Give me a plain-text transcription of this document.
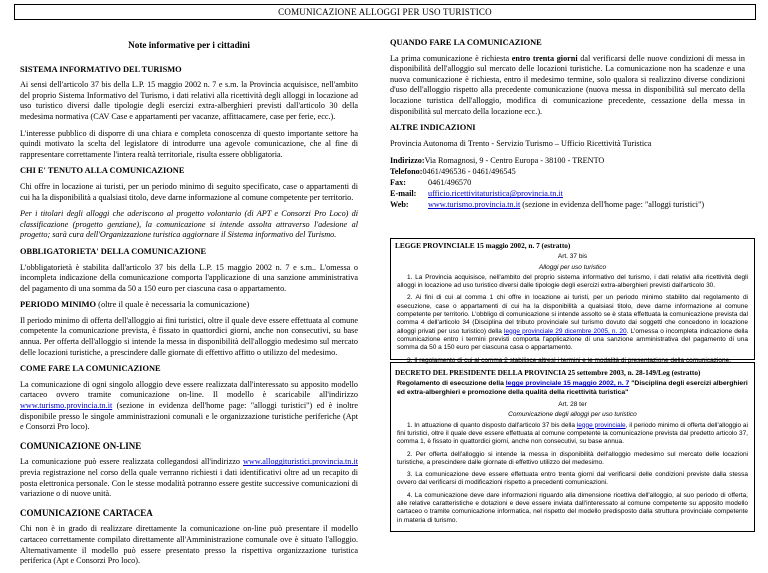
COMUNICAZIONE ALLOGGI PER USO TURISTICO
Note informative per i cittadini
SISTEMA INFORMATIVO DEL TURISMO

Ai sensi dell'articolo 37 bis della L.P. 15 maggio 2002 n. 7 e s.m. la Provincia acquisisce, nell'ambito del proprio Sistema Informativo del Turismo, i dati relativi alla ricettività degli alloggi in locazione ad uso turistico diversi dalle tipologie degli esercizi extra-alberghieri previsti dall'articolo 30 della medesima normativa (CAV Case e appartamenti per vacanze, affittacamere, case per ferie, ecc.).

L'interesse pubblico di disporre di una chiara e completa conoscenza di questo importante settore ha quindi motivato la scelta del legislatore di introdurre una agevole comunicazione, che al fine di rappresentare correttamente l'intera realtà territoriale, risulta essere obbligatoria.

CHI E' TENUTO ALLA COMUNICAZIONE

Chi offre in locazione ai turisti, per un periodo minimo di seguito specificato, case o appartamenti di cui ha la disponibilità a qualsiasi titolo, deve darne informazione al comune competente per territorio.

Per i titolari degli alloggi che aderiscono al progetto volontario (di APT e Consorzi Pro Loco) di classificazione (progetto genziane), la comunicazione si intende assolta attraverso l'adesione al progetto; sarà cura dell'Organizzazione turistica aggiornare il Sistema informativo del Turismo.

OBBLIGATORIETA' DELLA COMUNICAZIONE

L'obbligatorietà è stabilita dall'articolo 37 bis della L.P. 15 maggio 2002 n. 7 e s.m.. L'omessa o incompleta indicazione della comunicazione comporta l'applicazione di una sanzione amministrativa del pagamento di una somma da 50 a 150 euro per ciascuna casa o appartamento.

PERIODO MINIMO (oltre il quale è necessaria la comunicazione)

Il periodo minimo di offerta dell'alloggio ai fini turistici, oltre il quale deve essere effettuata al comune competente la comunicazione prevista, è fissato in quattordici giorni, anche non consecutivi, su base annua. Per offerta dell'alloggio si intende la messa in disponibilità dell'alloggio medesimo sul mercato delle locazioni turistiche, a prescindere dalle giornate di effettivo affitto o utilizzo del medesimo.

COME FARE LA COMUNICAZIONE

La comunicazione di ogni singolo alloggio deve essere realizzata dall'interessato su apposito modello cartaceo ovvero tramite comunicazione on-line. Il modello è scaricabile all'indirizzo www.turismo.provincia.tn.it (sezione in evidenza dell'home page: "alloggi turistici") ed è inoltre disponibile presso le singole amministrazioni comunali e le organizzazione turistiche periferiche (Apt e Consorzi Pro loco).

COMUNICAZIONE ON-LINE

La comunicazione può essere realizzata collegandosi all'indirizzo www.alloggituristici.provincia.tn.it previa registrazione nel corso della quale verranno richiesti i dati identificativi oltre ad un recapito di posta elettronica personale. Con le stesse modalità potranno essere gestite successive comunicazioni di variazione o di nuove unità.

COMUNICAZIONE CARTACEA

Chi non è in grado di realizzare direttamente la comunicazione on-line può presentare il modello cartaceo correttamente compilato direttamente all'Amministrazione comunale ove è situato l'alloggio. Alternativamente il modello può essere presentato presso la rispettiva organizzazione turistica periferica (Apt e Consorzi Pro loco).

QUANDO FARE LA COMUNICAZIONE

La prima comunicazione è richiesta entro trenta giorni dal verificarsi delle nuove condizioni di messa in disponibilità dell'alloggio sul mercato delle locazioni turistiche. La comunicazione non ha scadenze e una nuova comunicazione è richiesta, entro il medesimo termine, solo qualora si realizzino diverse condizioni d'uso dell'alloggio rispetto alla precedente comunicazione (nuova messa in disponibilità sul mercato della locazione turistica dell'alloggio, modifica di comunicazione precedente, cessazione della messa in disponibilità sul mercato della locazione ecc.).

ALTRE INDICAZIONI

Provincia Autonoma di Trento - Servizio Turismo – Ufficio Ricettività Turistica

Indirizzo: Via Romagnosi, 9 - Centro Europa - 38100 - TRENTO
Telefono: 0461/496536 - 0461/496545
Fax:	0461/496570
E-mail:	ufficio.ricettivitaturistica@provincia.tn.it
Web:	www.turismo.provincia.tn.it (sezione in evidenza dell'home page: "alloggi turistici")
LEGGE PROVINCIALE 15 maggio 2002, n. 7 (estratto)
Art. 37 bis
Alloggi per uso turistico

1. La Provincia acquisisce, nell'ambito del proprio sistema informativo del turismo, i dati relativi alla ricettività degli alloggi in locazione ad uso turistico diversi dalle tipologie degli esercizi extra-alberghieri previsti dall'articolo 30.

2. Ai fini di cui al comma 1 chi offre in locazione ai turisti, per un periodo minimo stabilito dal regolamento di esecuzione, case o appartamenti di cui ha la disponibilità a qualsiasi titolo, deve darne informazione al comune competente per territorio. L'obbligo di comunicazione si intende assolto se è stata effettuata la comunicazione prevista dal comma 4 dell'articolo 34 (Disciplina del tributo provinciale sul turismo dovuto dai soggetti che concedono in locazione alloggi privati per uso turistico) della legge provinciale 29 dicembre 2005, n. 20. L'omessa o incompleta indicazione della comunicazione entro i termini previsti comporta l'applicazione di una sanzione amministrativa del pagamento di una somma da 50 a 150 euro per ciascuna casa o appartamento.

3. Il regolamento di cui al comma 2 stabilisce altresì i termini e le modalità di presentazione della comunicazione.

DECRETO DEL PRESIDENTE DELLA PROVINCIA 25 settembre 2003, n. 28-149/Leg (estratto)
Regolamento di esecuzione della legge provinciale 15 maggio 2002, n. 7 "Disciplina degli esercizi alberghieri ed extra-alberghieri e promozione della qualità della ricettività turistica"
Art. 28 ter
Comunicazione degli alloggi per uso turistico

1. In attuazione di quanto disposto dall'articolo 37 bis della legge provinciale, il periodo minimo di offerta dell'alloggio ai fini turistici, oltre il quale deve essere effettuata al comune competente la comunicazione prevista dal predetto articolo 37, comma 1, è fissato in quattordici giorni, anche non consecutivi, su base annua.

2. Per offerta dell'alloggio si intende la messa in disponibilità dell'alloggio medesimo sul mercato delle locazioni turistiche, a prescindere dalle giornate di effettivo utilizzo del medesimo.

3. La comunicazione deve essere effettuata entro trenta giorni dal verificarsi delle condizioni previste dalla stessa ovvero dal verificarsi di modificazioni rispetto a precedenti comunicazioni.

4. La comunicazione deve dare informazioni riguardo alla dimensione ricettiva dell'alloggio, al suo periodo di offerta, alle relative caratteristiche e dotazioni e deve essere inviata dall'interessato al comune competente su apposito modello cartaceo o tramite comunicazione informatica, nel rispetto del modello predisposto dalla struttura provinciale competente in materia di turismo.
